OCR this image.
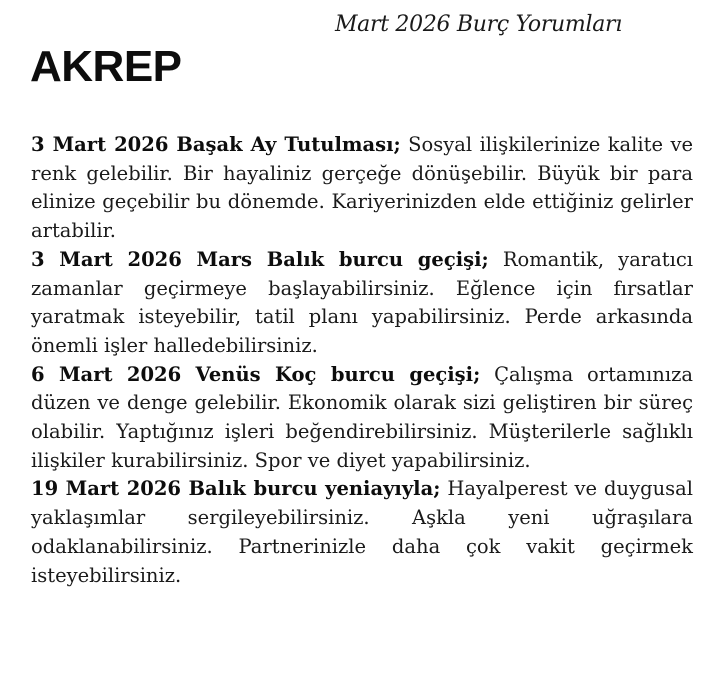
Mart 2026 Burç Yorumları
AKREP

3 Mart 2026 Başak Ay Tutulması; Sosyal ilişkilerinize kalite ve renk gelebilir. Bir hayaliniz gerçeğe dönüşebilir. Büyük bir para elinize geçebilir bu dönemde. Kariyerinizden elde ettiğiniz gelirler artabilir.

3 Mart 2026 Mars Balık burcu geçişi; Romantik, yaratıcı zamanlar geçirmeye başlayabilirsiniz. Eğlence için fırsatlar yaratmak isteyebilir, tatil planı yapabilirsiniz. Perde arkasında önemli işler halledebilirsiniz.

6 Mart 2026 Venüs Koç burcu geçişi; Çalışma ortamınıza düzen ve denge gelebilir. Ekonomik olarak sizi geliştiren bir süreç olabilir. Yaptığınız işleri beğendirebilirsiniz. Müşterilerle sağlıklı ilişkiler kurabilirsiniz. Spor ve diyet yapabilirsiniz.

19 Mart 2026 Balık burcu yeniayıyla; Hayalperest ve duygusal yaklaşımlar sergileyebilirsiniz. Aşkla yeni uğraşılara odaklanabilirsiniz. Partnerinizle daha çok vakit geçirmek isteyebilirsiniz.
